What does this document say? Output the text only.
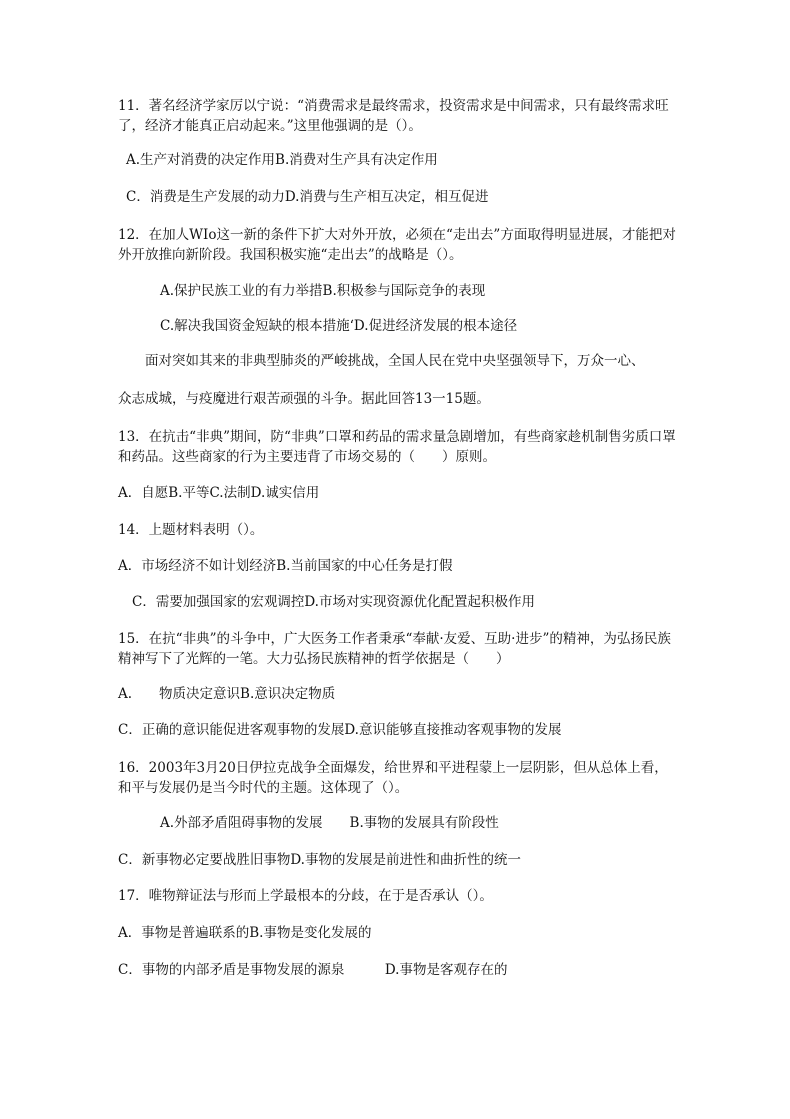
11．著名经济学家厉以宁说：“消费需求是最终需求，投资需求是中间需求，只有最终需求旺了，经济才能真正启动起来。”这里他强调的是（）。
A.生产对消费的决定作用B.消费对生产具有决定作用
C．消费是生产发展的动力D.消费与生产相互决定，相互促进
12．在加人WIo这一新的条件下扩大对外开放，必须在“走出去”方面取得明显进展，才能把对外开放推向新阶段。我国积极实施“走出去”的战略是（）。
A.保护民族工业的有力举措B.积极参与国际竞争的表现
C.解决我国资金短缺的根本措施‘D.促进经济发展的根本途径
面对突如其来的非典型肺炎的严峻挑战，全国人民在党中央坚强领导下，万众一心、
众志成城，与疫魔进行艰苦顽强的斗争。据此回答13一15题。
13．在抗击“非典”期间，防“非典”口罩和药品的需求量急剧增加，有些商家趁机制售劣质口罩和药品。这些商家的行为主要违背了市场交易的（　　）原则。
A．自愿B.平等C.法制D.诚实信用
14．上题材料表明（）。
A．市场经济不如计划经济B.当前国家的中心任务是打假
C．需要加强国家的宏观调控D.市场对实现资源优化配置起积极作用
15．在抗“非典”的斗争中，广大医务工作者秉承“奉献·友爱、互助·进步”的精神，为弘扬民族精神写下了光辉的一笔。大力弘扬民族精神的哲学依据是（　　）
A.　　物质决定意识B.意识决定物质
C．正确的意识能促进客观事物的发展D.意识能够直接推动客观事物的发展
16．2003年3月20日伊拉克战争全面爆发，给世界和平进程蒙上一层阴影，但从总体上看，和平与发展仍是当今时代的主题。这体现了（）。
A.外部矛盾阻碍事物的发展　　B.事物的发展具有阶段性
C．新事物必定要战胜旧事物D.事物的发展是前进性和曲折性的统一
17．唯物辩证法与形而上学最根本的分歧，在于是否承认（）。
A．事物是普遍联系的B.事物是变化发展的
C．事物的内部矛盾是事物发展的源泉　　　D.事物是客观存在的
